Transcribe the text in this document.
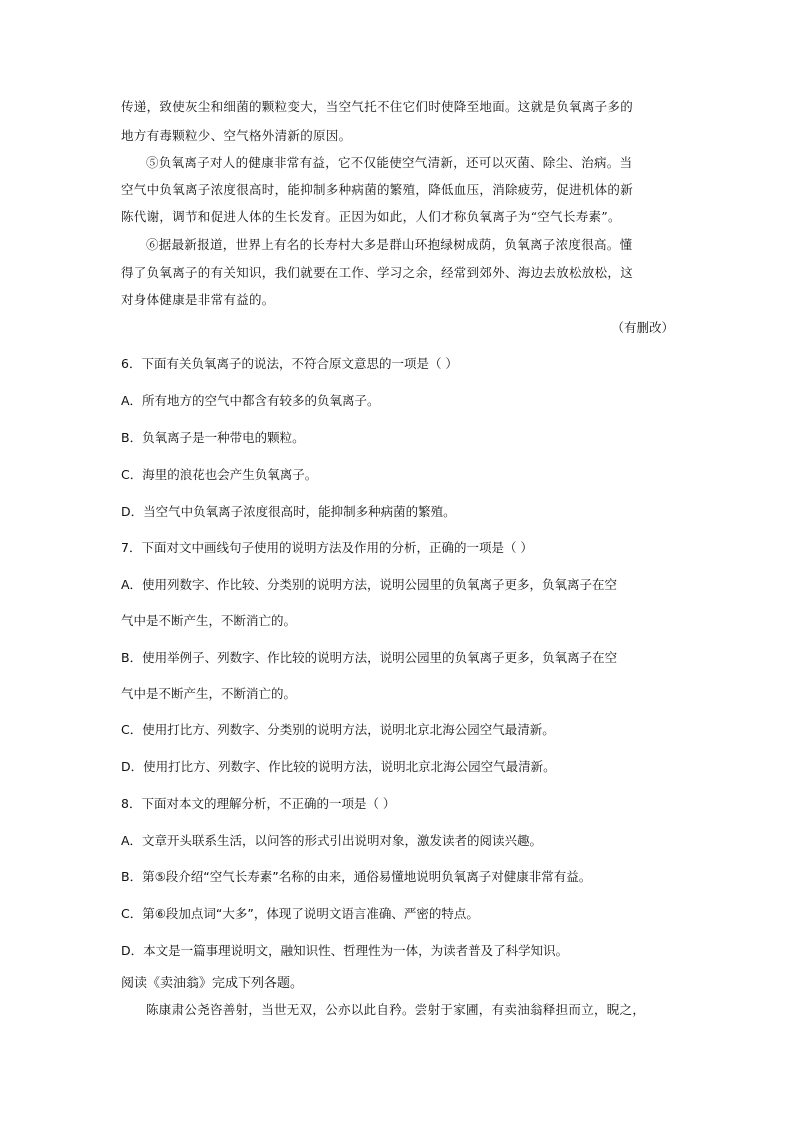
传递，致使灰尘和细菌的颗粒变大，当空气托不住它们时使降至地面。这就是负氧离子多的
地方有毒颗粒少、空气格外清新的原因。
⑤负氧离子对人的健康非常有益，它不仅能使空气清新，还可以灭菌、除尘、治病。当
空气中负氧离子浓度很高时，能抑制多种病菌的繁殖，降低血压，消除疲劳，促进机体的新
陈代谢，调节和促进人体的生长发育。正因为如此，人们才称负氧离子为“空气长寿素”。
⑥据最新报道，世界上有名的长寿村大多是群山环抱绿树成荫，负氧离子浓度很高。懂
得了负氧离子的有关知识，我们就要在工作、学习之余，经常到郊外、海边去放松放松，这
对身体健康是非常有益的。
（有删改）
6．下面有关负氧离子的说法，不符合原文意思的一项是（ ）
A．所有地方的空气中都含有较多的负氧离子。
B．负氧离子是一种带电的颗粒。
C．海里的浪花也会产生负氧离子。
D．当空气中负氧离子浓度很高时，能抑制多种病菌的繁殖。
7．下面对文中画线句子使用的说明方法及作用的分析，正确的一项是（ ）
A．使用列数字、作比较、分类别的说明方法，说明公园里的负氧离子更多，负氧离子在空
气中是不断产生，不断消亡的。
B．使用举例子、列数字、作比较的说明方法，说明公园里的负氧离子更多，负氧离子在空
气中是不断产生，不断消亡的。
C．使用打比方、列数字、分类别的说明方法，说明北京北海公园空气最清新。
D．使用打比方、列数字、作比较的说明方法，说明北京北海公园空气最清新。
8．下面对本文的理解分析，不正确的一项是（ ）
A．文章开头联系生活，以问答的形式引出说明对象，激发读者的阅读兴趣。
B．第⑤段介绍“空气长寿素”名称的由来，通俗易懂地说明负氧离子对健康非常有益。
C．第⑥段加点词“大多”，体现了说明文语言准确、严密的特点。
D．本文是一篇事理说明文，融知识性、哲理性为一体，为读者普及了科学知识。
阅读《卖油翁》完成下列各题。
陈康肃公尧咨善射，当世无双，公亦以此自矜。尝射于家圃，有卖油翁释担而立，睨之，
